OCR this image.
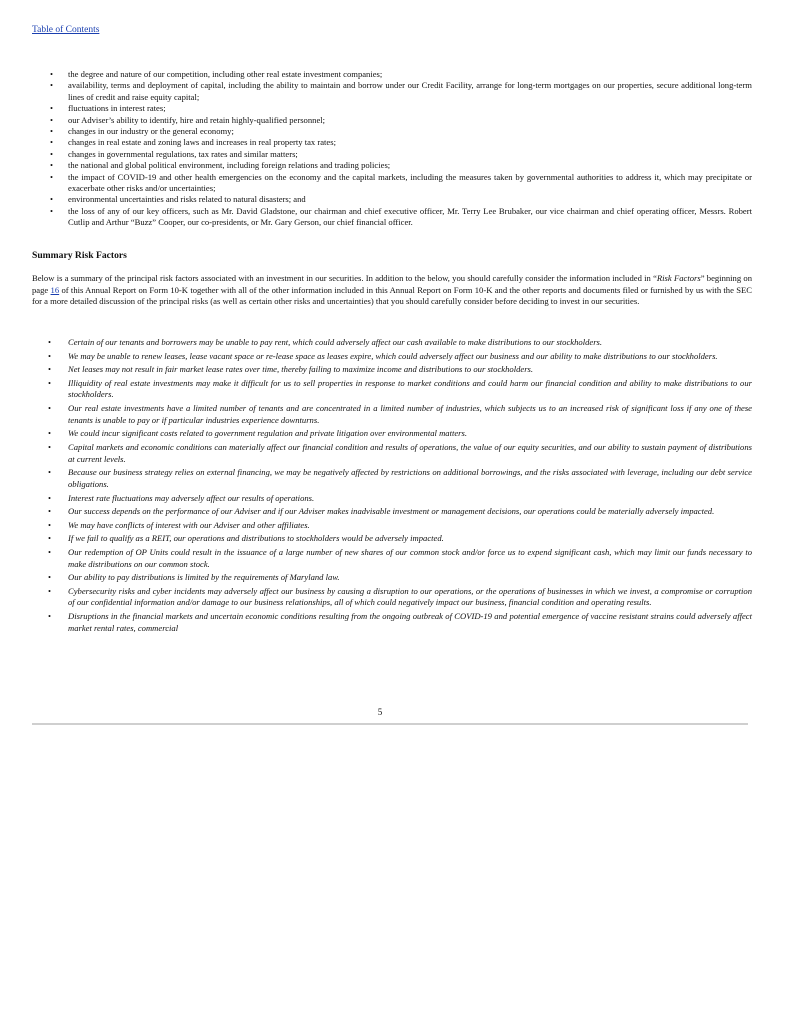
Table of Contents
• the degree and nature of our competition, including other real estate investment companies;
• availability, terms and deployment of capital, including the ability to maintain and borrow under our Credit Facility, arrange for long-term mortgages on our properties, secure additional long-term lines of credit and raise equity capital;
• fluctuations in interest rates;
• our Adviser’s ability to identify, hire and retain highly-qualified personnel;
• changes in our industry or the general economy;
• changes in real estate and zoning laws and increases in real property tax rates;
• changes in governmental regulations, tax rates and similar matters;
• the national and global political environment, including foreign relations and trading policies;
• the impact of COVID-19 and other health emergencies on the economy and the capital markets, including the measures taken by governmental authorities to address it, which may precipitate or exacerbate other risks and/or uncertainties;
• environmental uncertainties and risks related to natural disasters; and
• the loss of any of our key officers, such as Mr. David Gladstone, our chairman and chief executive officer, Mr. Terry Lee Brubaker, our vice chairman and chief operating officer, Messrs. Robert Cutlip and Arthur “Buzz” Cooper, our co-presidents, or Mr. Gary Gerson, our chief financial officer.
Summary Risk Factors

Below is a summary of the principal risk factors associated with an investment in our securities. In addition to the below, you should carefully consider the information included in “Risk Factors” beginning on page 16 of this Annual Report on Form 10-K together with all of the other information included in this Annual Report on Form 10-K and the other reports and documents filed or furnished by us with the SEC for a more detailed discussion of the principal risks (as well as certain other risks and uncertainties) that you should carefully consider before deciding to invest in our securities.

• Certain of our tenants and borrowers may be unable to pay rent, which could adversely affect our cash available to make distributions to our stockholders.
• We may be unable to renew leases, lease vacant space or re-lease space as leases expire, which could adversely affect our business and our ability to make distributions to our stockholders.
• Net leases may not result in fair market lease rates over time, thereby failing to maximize income and distributions to our stockholders.
• Illiquidity of real estate investments may make it difficult for us to sell properties in response to market conditions and could harm our financial condition and ability to make distributions to our stockholders.
• Our real estate investments have a limited number of tenants and are concentrated in a limited number of industries, which subjects us to an increased risk of significant loss if any one of these tenants is unable to pay or if particular industries experience downturns.
• We could incur significant costs related to government regulation and private litigation over environmental matters.
• Capital markets and economic conditions can materially affect our financial condition and results of operations, the value of our equity securities, and our ability to sustain payment of distributions at current levels.
• Because our business strategy relies on external financing, we may be negatively affected by restrictions on additional borrowings, and the risks associated with leverage, including our debt service obligations.
• Interest rate fluctuations may adversely affect our results of operations.
• Our success depends on the performance of our Adviser and if our Adviser makes inadvisable investment or management decisions, our operations could be materially adversely impacted.
• We may have conflicts of interest with our Adviser and other affiliates.
• If we fail to qualify as a REIT, our operations and distributions to stockholders would be adversely impacted.
• Our redemption of OP Units could result in the issuance of a large number of new shares of our common stock and/or force us to expend significant cash, which may limit our funds necessary to make distributions on our common stock.
• Our ability to pay distributions is limited by the requirements of Maryland law.
• Cybersecurity risks and cyber incidents may adversely affect our business by causing a disruption to our operations, or the operations of businesses in which we invest, a compromise or corruption of our confidential information and/or damage to our business relationships, all of which could negatively impact our business, financial condition and operating results.
• Disruptions in the financial markets and uncertain economic conditions resulting from the ongoing outbreak of COVID-19 and potential emergence of vaccine resistant strains could adversely affect market rental rates, commercial
5
